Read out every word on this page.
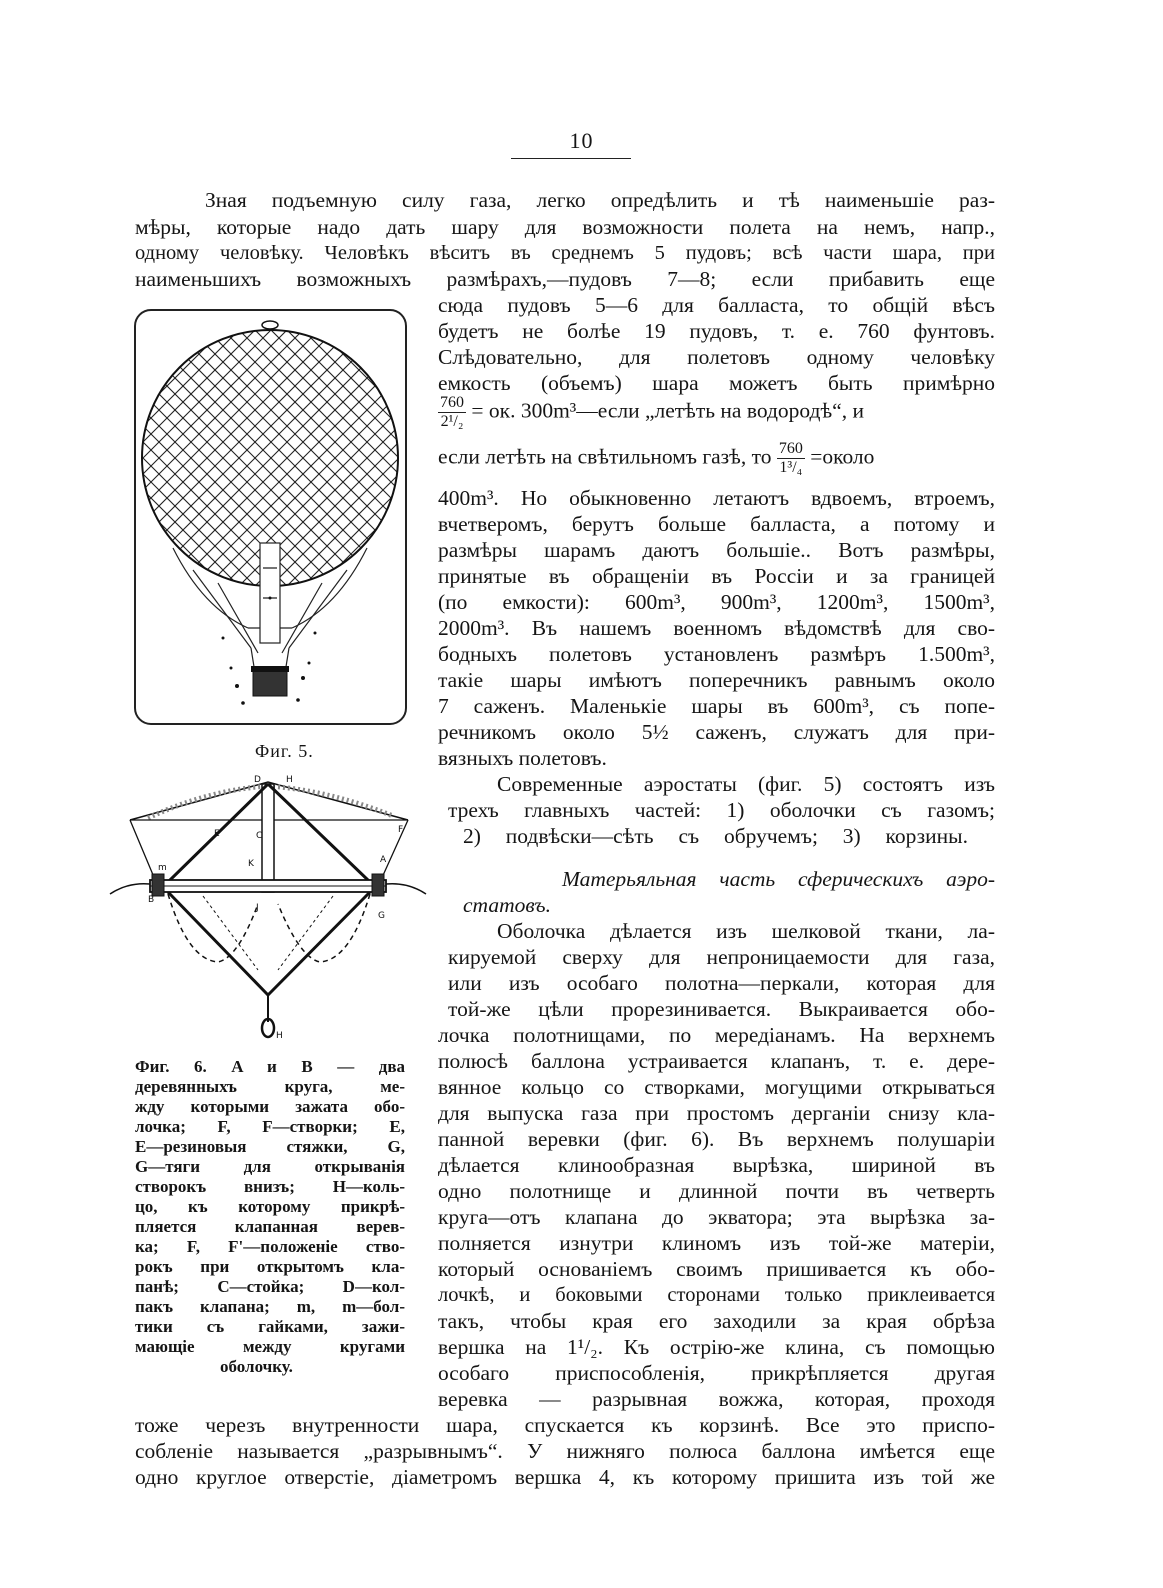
10
Зная подъемную силу газа, легко опредѣлить и тѣ наименьшіе раз-
мѣры, которые надо дать шару для возможности полета на немъ, напр.,
одному человѣку. Человѣкъ вѣситъ въ среднемъ 5 пудовъ; всѣ части шара, при
наименьшихъ возможныхъ размѣрахъ,—пудовъ 7—8; если прибавить еще
сюда пудовъ 5—6 для балласта, то общій вѣсъ
будетъ не болѣе 19 пудовъ, т. е. 760 фунтовъ.
Слѣдовательно, для полетовъ одному человѣку
емкость (объемъ) шара можетъ быть примѣрно
$\frac{760}{\text{2¹/₂}}$ = ок. 300m³—если „летѣть на водородѣ“, и
если летѣть на свѣтильномъ газѣ, то $\frac{760}{\text{1³/₄}}$ =около
400m³. Но обыкновенно летаютъ вдвоемъ, втроемъ,
вчетверомъ, берутъ больше балласта, а потому и
размѣры шарамъ даютъ большіе.. Вотъ размѣры,
принятые въ обращеніи въ Россіи и за границей
(по емкости): 600m³, 900m³, 1200m³, 1500m³,
2000m³. Въ нашемъ военномъ вѣдомствѣ для сво-
бодныхъ полетовъ установленъ размѣръ 1.500m³,
такіе шары имѣютъ поперечникъ равнымъ около
7 саженъ. Маленькіе шары въ 600m³, съ попе-
речникомъ около 5½ саженъ, служатъ для при-
вязныхъ полетовъ.
Современные аэростаты (фиг. 5) состоятъ изъ
трехъ главныхъ частей: 1) оболочки съ газомъ;
2) подвѣски—сѣть съ обручемъ; 3) корзины.
Матерьяльная часть сферическихъ аэро-
статовъ.
Оболочка дѣлается изъ шелковой ткани, ла-
кируемой сверху для непроницаемости для газа,
или изъ особаго полотна—перкали, которая для
той-же цѣли прорезинивается. Выкраивается обо-
лочка полотнищами, по мередіанамъ. На верхнемъ
полюсѣ баллона устраивается клапанъ, т. е. дере-
вянное кольцо со створками, могущими открываться
для выпуска газа при простомъ дерганіи снизу кла-
панной веревки (фиг. 6). Въ верхнемъ полушаріи
дѣлается клинообразная вырѣзка, шириной въ
одно полотнище и длинной почти въ четверть
круга—отъ клапана до экватора; эта вырѣзка за-
полняется изнутри клиномъ изъ той-же матеріи,
который основаніемъ своимъ пришивается къ обо-
лочкѣ, и боковыми сторонами только приклеивается
такъ, чтобы края его заходили за края обрѣза
вершка на 1¹/₂. Къ острію-же клина, съ помощью
особаго приспособленія, прикрѣпляется другая
веревка — разрывная вожжа, которая, проходя
тоже черезъ внутренности шара, спускается къ корзинѣ. Все это приспо-
собленіе называется „разрывнымъ“. У нижняго полюса баллона имѣется еще
одно круглое отверстіе, діаметромъ вершка 4, къ которому пришита изъ той же
Фиг. 5.
D	H
C
E	F
K	A
m
B
G
J
H
Фиг. 6. A и B — два
деревянныхъ круга, ме-
жду которыми зажата обо-
лочка; F, F—створки; E,
E—резиновыя стяжки, G,
G—тяги для открыванія
створокъ внизъ; H—коль-
цо, къ которому прикрѣ-
пляется клапанная верев-
ка; F, F'—положеніе ство-
рокъ при открытомъ кла-
панѣ; C—стойка; D—кол-
пакъ клапана; m, m—бол-
тики съ гайками, зажи-
мающіе между кругами
оболочку.
